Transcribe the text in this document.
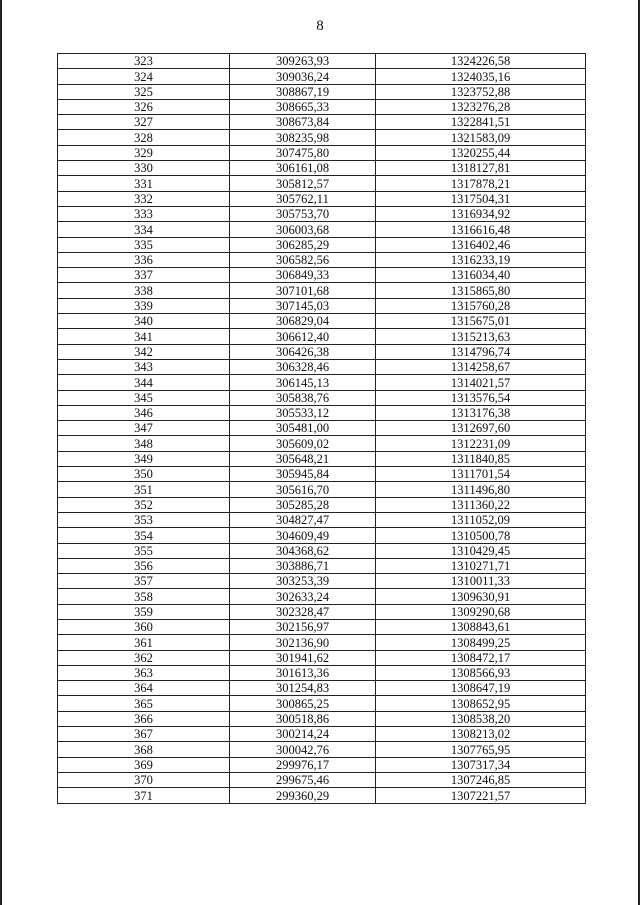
8
323	309263,93	1324226,58
324	309036,24	1324035,16
325	308867,19	1323752,88
326	308665,33	1323276,28
327	308673,84	1322841,51
328	308235,98	1321583,09
329	307475,80	1320255,44
330	306161,08	1318127,81
331	305812,57	1317878,21
332	305762,11	1317504,31
333	305753,70	1316934,92
334	306003,68	1316616,48
335	306285,29	1316402,46
336	306582,56	1316233,19
337	306849,33	1316034,40
338	307101,68	1315865,80
339	307145,03	1315760,28
340	306829,04	1315675,01
341	306612,40	1315213,63
342	306426,38	1314796,74
343	306328,46	1314258,67
344	306145,13	1314021,57
345	305838,76	1313576,54
346	305533,12	1313176,38
347	305481,00	1312697,60
348	305609,02	1312231,09
349	305648,21	1311840,85
350	305945,84	1311701,54
351	305616,70	1311496,80
352	305285,28	1311360,22
353	304827,47	1311052,09
354	304609,49	1310500,78
355	304368,62	1310429,45
356	303886,71	1310271,71
357	303253,39	1310011,33
358	302633,24	1309630,91
359	302328,47	1309290,68
360	302156,97	1308843,61
361	302136,90	1308499,25
362	301941,62	1308472,17
363	301613,36	1308566,93
364	301254,83	1308647,19
365	300865,25	1308652,95
366	300518,86	1308538,20
367	300214,24	1308213,02
368	300042,76	1307765,95
369	299976,17	1307317,34
370	299675,46	1307246,85
371	299360,29	1307221,57
